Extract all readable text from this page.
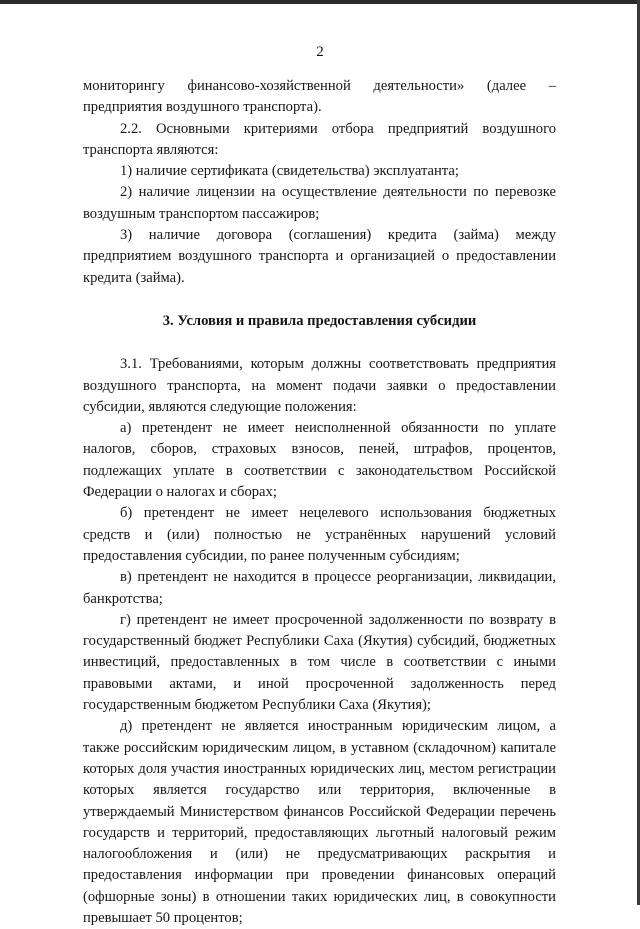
2

мониторингу финансово-хозяйственной деятельности» (далее – предприятия воздушного транспорта).

2.2. Основными критериями отбора предприятий воздушного транспорта являются:

1) наличие сертификата (свидетельства) эксплуатанта;

2) наличие лицензии на осуществление деятельности по перевозке воздушным транспортом пассажиров;

3) наличие договора (соглашения) кредита (займа) между предприятием воздушного транспорта и организацией о предоставлении кредита (займа).

3. Условия и правила предоставления субсидии

3.1. Требованиями, которым должны соответствовать предприятия воздушного транспорта, на момент подачи заявки о предоставлении субсидии, являются следующие положения:

а) претендент не имеет неисполненной обязанности по уплате налогов, сборов, страховых взносов, пеней, штрафов, процентов, подлежащих уплате в соответствии с законодательством Российской Федерации о налогах и сборах;

б) претендент не имеет нецелевого использования бюджетных средств и (или) полностью не устранённых нарушений условий предоставления субсидии, по ранее полученным субсидиям;

в) претендент не находится в процессе реорганизации, ликвидации, банкротства;

г) претендент не имеет просроченной задолженности по возврату в государственный бюджет Республики Саха (Якутия) субсидий, бюджетных инвестиций, предоставленных в том числе в соответствии с иными правовыми актами, и иной просроченной задолженность перед государственным бюджетом Республики Саха (Якутия);

д) претендент не является иностранным юридическим лицом, а также российским юридическим лицом, в уставном (складочном) капитале которых доля участия иностранных юридических лиц, местом регистрации которых является государство или территория, включенные в утверждаемый Министерством финансов Российской Федерации перечень государств и территорий, предоставляющих льготный налоговый режим налогообложения и (или) не предусматривающих раскрытия и предоставления информации при проведении финансовых операций (офшорные зоны) в отношении таких юридических лиц, в совокупности превышает 50 процентов;
